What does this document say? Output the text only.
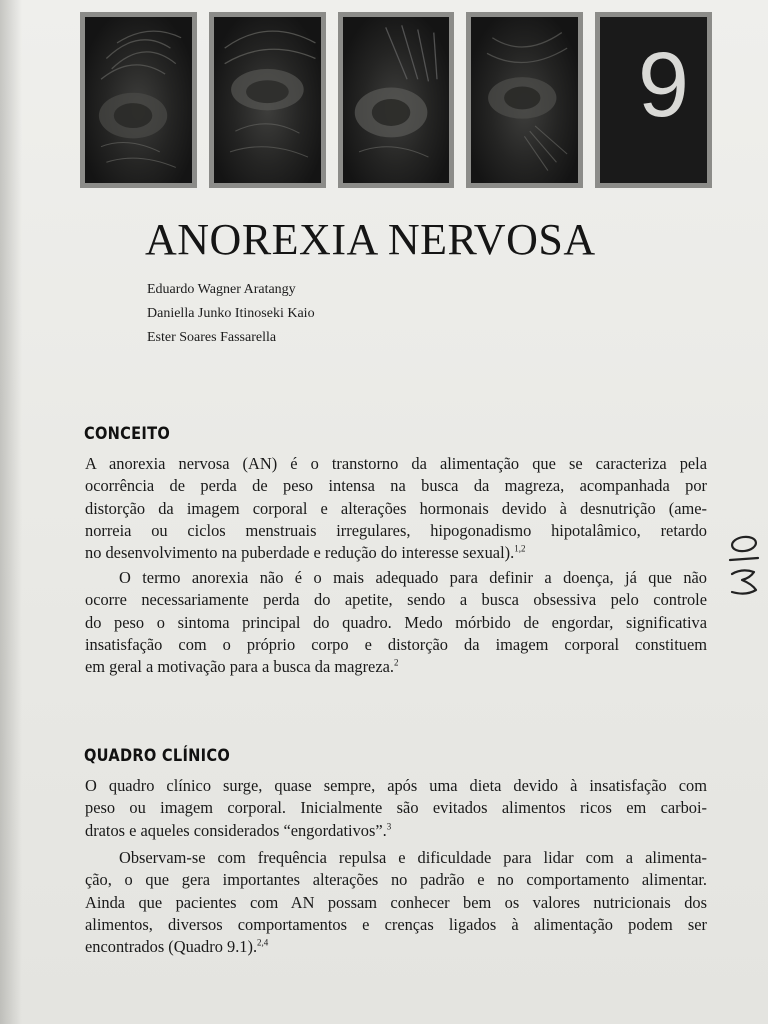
9
ANOREXIA NERVOSA
Eduardo Wagner Aratangy
Daniella Junko Itinoseki Kaio
Ester Soares Fassarella
CONCEITO

A anorexia nervosa (AN) é o transtorno da alimentação que se caracteriza pela
ocorrência de perda de peso intensa na busca da magreza, acompanhada por
distorção da imagem corporal e alterações hormonais devido à desnutrição (ame-
norreia ou ciclos menstruais irregulares, hipogonadismo hipotalâmico, retardo
no desenvolvimento na puberdade e redução do interesse sexual).$^{1,2}$

O termo anorexia não é o mais adequado para definir a doença, já que não
ocorre necessariamente perda do apetite, sendo a busca obsessiva pelo controle
do peso o sintoma principal do quadro. Medo mórbido de engordar, significativa
insatisfação com o próprio corpo e distorção da imagem corporal constituem
em geral a motivação para a busca da magreza.$^2$

QUADRO CLÍNICO

O quadro clínico surge, quase sempre, após uma dieta devido à insatisfação com
peso ou imagem corporal. Inicialmente são evitados alimentos ricos em carboi-
dratos e aqueles considerados “engordativos”.$^3$

Observam-se com frequência repulsa e dificuldade para lidar com a alimenta-
ção, o que gera importantes alterações no padrão e no comportamento alimentar.
Ainda que pacientes com AN possam conhecer bem os valores nutricionais dos
alimentos, diversos comportamentos e crenças ligados à alimentação podem ser
encontrados (Quadro 9.1).$^{2,4}$
